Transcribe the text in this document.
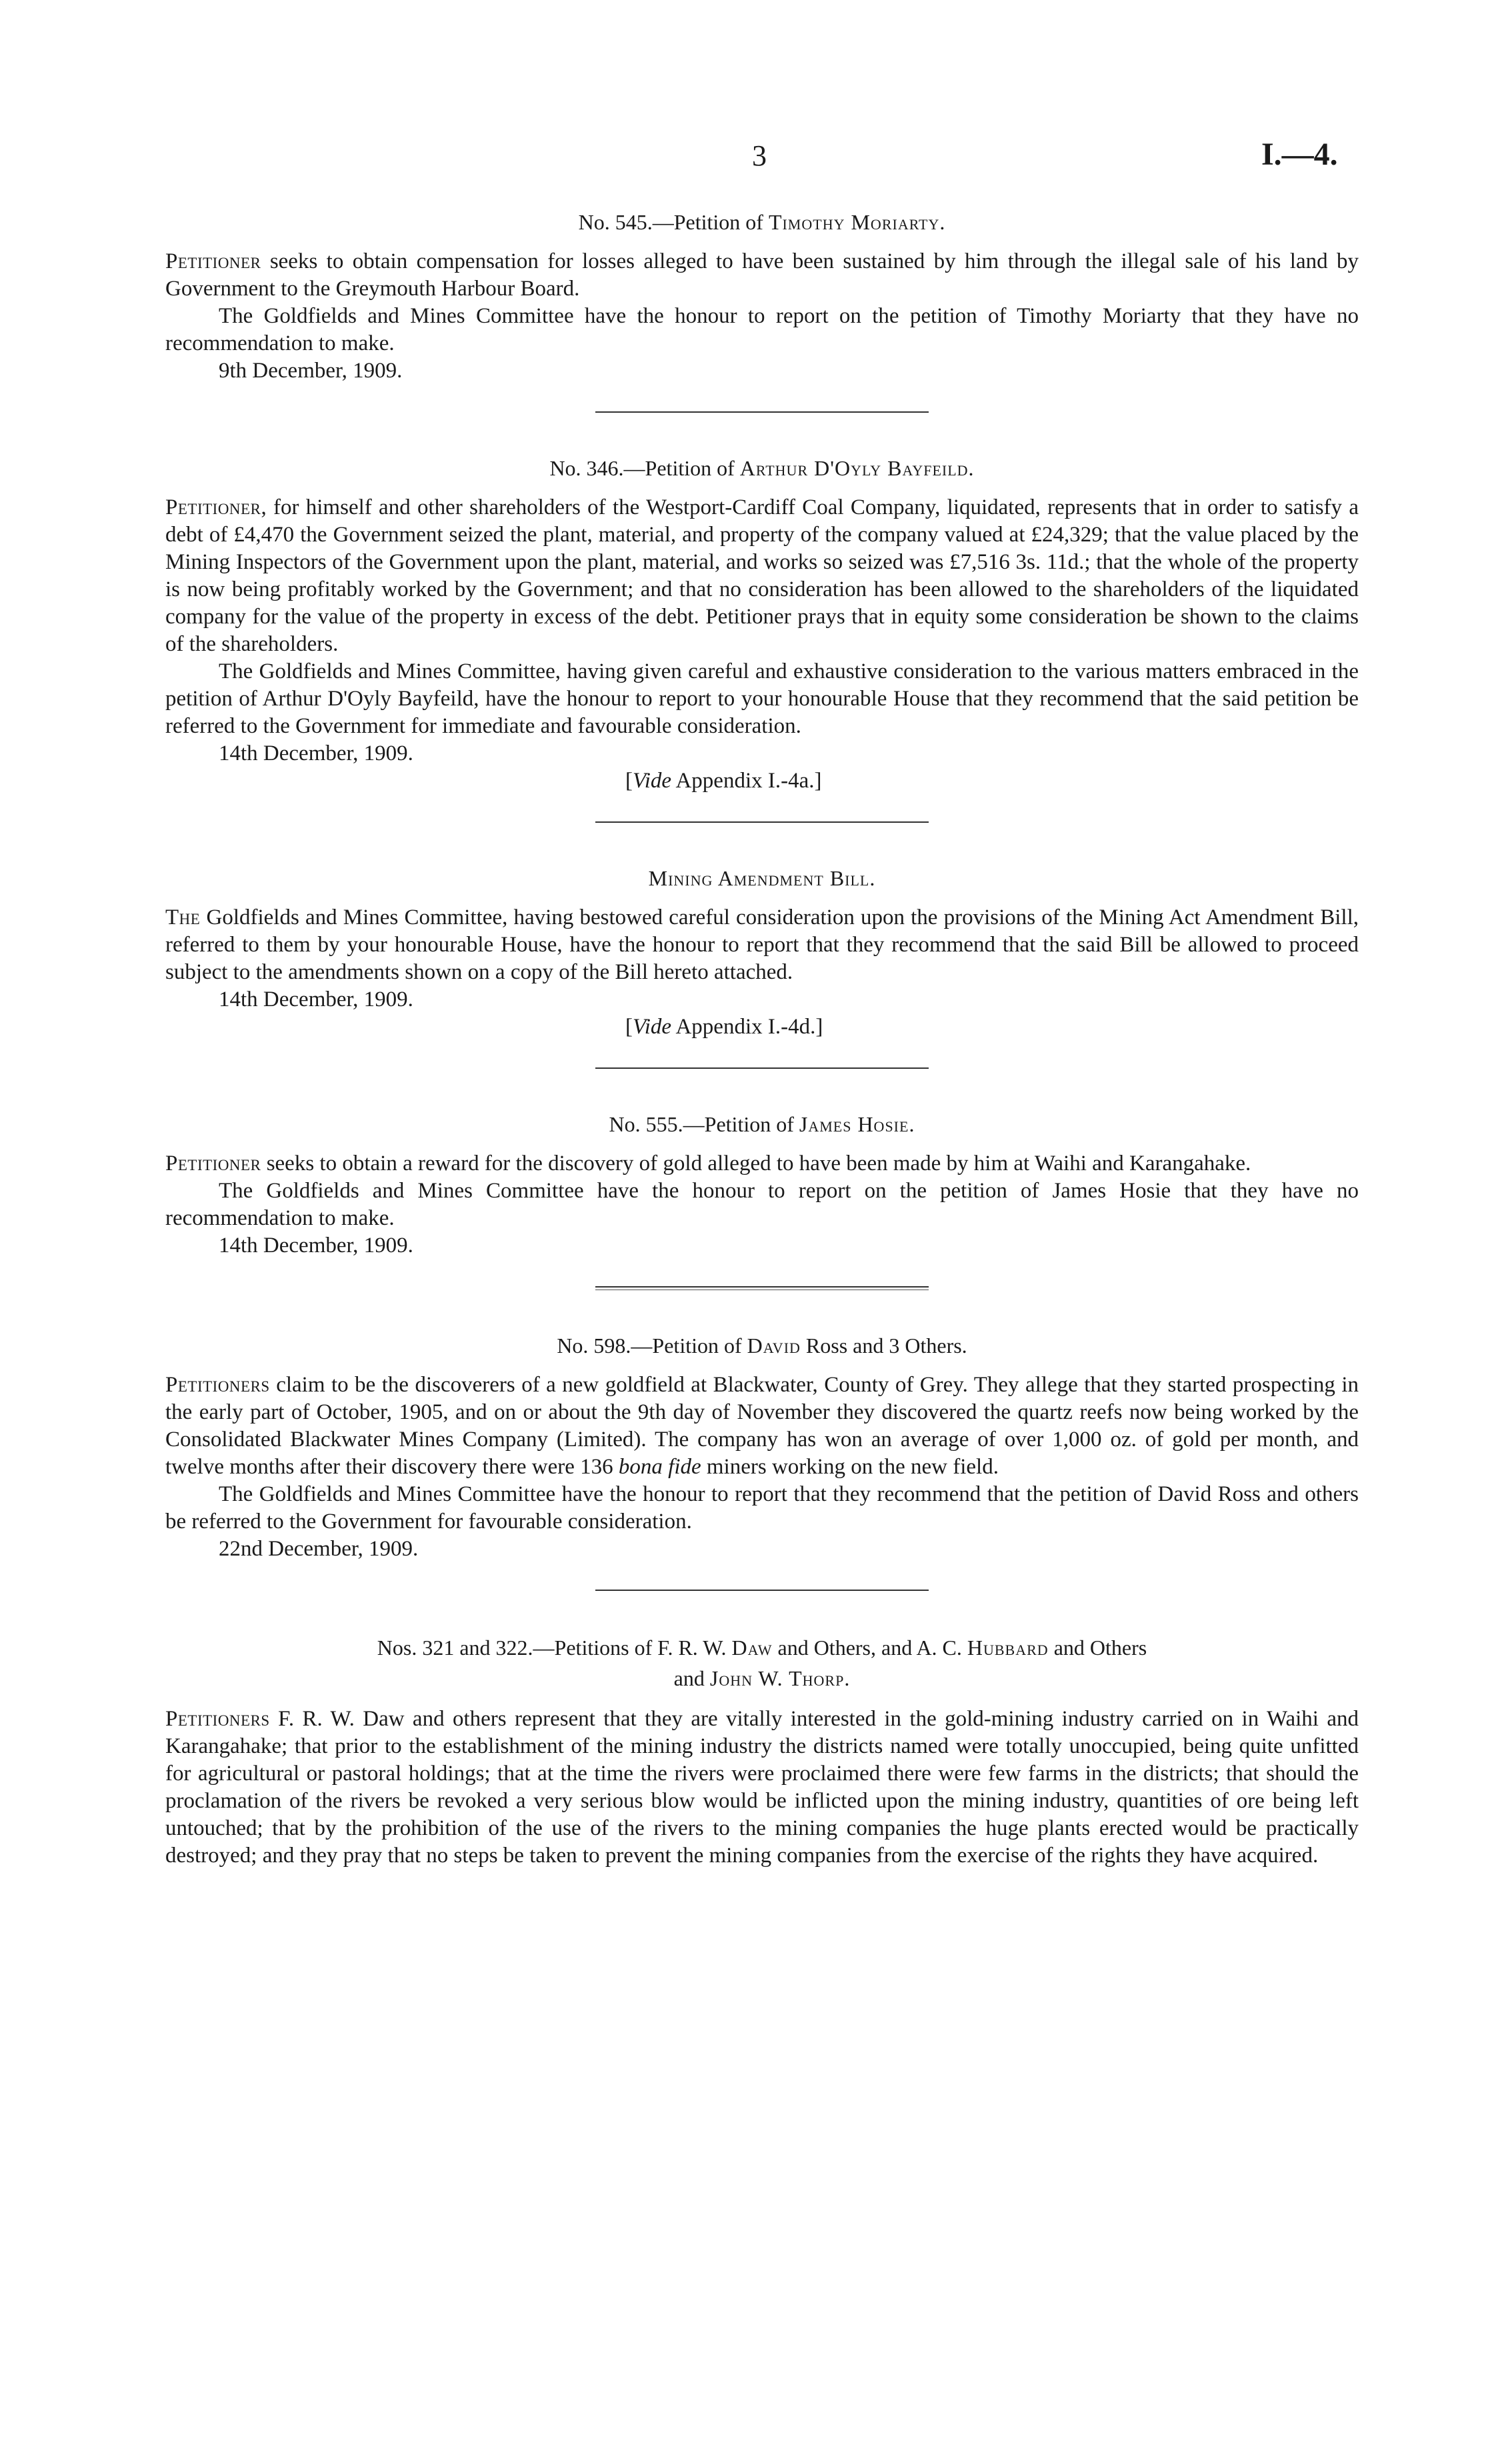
3	I.—4.
No. 545.—Petition of Timothy Moriarty.

Petitioner seeks to obtain compensation for losses alleged to have been sustained by him through the illegal sale of his land by Government to the Greymouth Harbour Board.

The Goldfields and Mines Committee have the honour to report on the petition of Timothy Moriarty that they have no recommendation to make.

9th December, 1909.
No. 346.—Petition of Arthur D'Oyly Bayfeild.

Petitioner, for himself and other shareholders of the Westport-Cardiff Coal Company, liquidated, represents that in order to satisfy a debt of £4,470 the Government seized the plant, material, and property of the company valued at £24,329; that the value placed by the Mining Inspectors of the Government upon the plant, material, and works so seized was £7,516 3s. 11d.; that the whole of the property is now being profitably worked by the Government; and that no consideration has been allowed to the shareholders of the liquidated company for the value of the property in excess of the debt. Petitioner prays that in equity some consideration be shown to the claims of the shareholders.

The Goldfields and Mines Committee, having given careful and exhaustive consideration to the various matters embraced in the petition of Arthur D'Oyly Bayfeild, have the honour to report to your honourable House that they recommend that the said petition be referred to the Government for immediate and favourable consideration.

14th December, 1909.
[Vide Appendix I.-4a.]
Mining Amendment Bill.

The Goldfields and Mines Committee, having bestowed careful consideration upon the provisions of the Mining Act Amendment Bill, referred to them by your honourable House, have the honour to report that they recommend that the said Bill be allowed to proceed subject to the amendments shown on a copy of the Bill hereto attached.

14th December, 1909.
[Vide Appendix I.-4d.]
No. 555.—Petition of James Hosie.

Petitioner seeks to obtain a reward for the discovery of gold alleged to have been made by him at Waihi and Karangahake.

The Goldfields and Mines Committee have the honour to report on the petition of James Hosie that they have no recommendation to make.

14th December, 1909.
No. 598.—Petition of David Ross and 3 Others.

Petitioners claim to be the discoverers of a new goldfield at Blackwater, County of Grey. They allege that they started prospecting in the early part of October, 1905, and on or about the 9th day of November they discovered the quartz reefs now being worked by the Consolidated Blackwater Mines Company (Limited). The company has won an average of over 1,000 oz. of gold per month, and twelve months after their discovery there were 136 bona fide miners working on the new field.

The Goldfields and Mines Committee have the honour to report that they recommend that the petition of David Ross and others be referred to the Government for favourable consideration.

22nd December, 1909.
Nos. 321 and 322.—Petitions of F. R. W. Daw and Others, and A. C. Hubbard and Others
and John W. Thorp.

Petitioners F. R. W. Daw and others represent that they are vitally interested in the gold-mining industry carried on in Waihi and Karangahake; that prior to the establishment of the mining industry the districts named were totally unoccupied, being quite unfitted for agricultural or pastoral holdings; that at the time the rivers were proclaimed there were few farms in the districts; that should the proclamation of the rivers be revoked a very serious blow would be inflicted upon the mining industry, quantities of ore being left untouched; that by the prohibition of the use of the rivers to the mining companies the huge plants erected would be practically destroyed; and they pray that no steps be taken to prevent the mining companies from the exercise of the rights they have acquired.
